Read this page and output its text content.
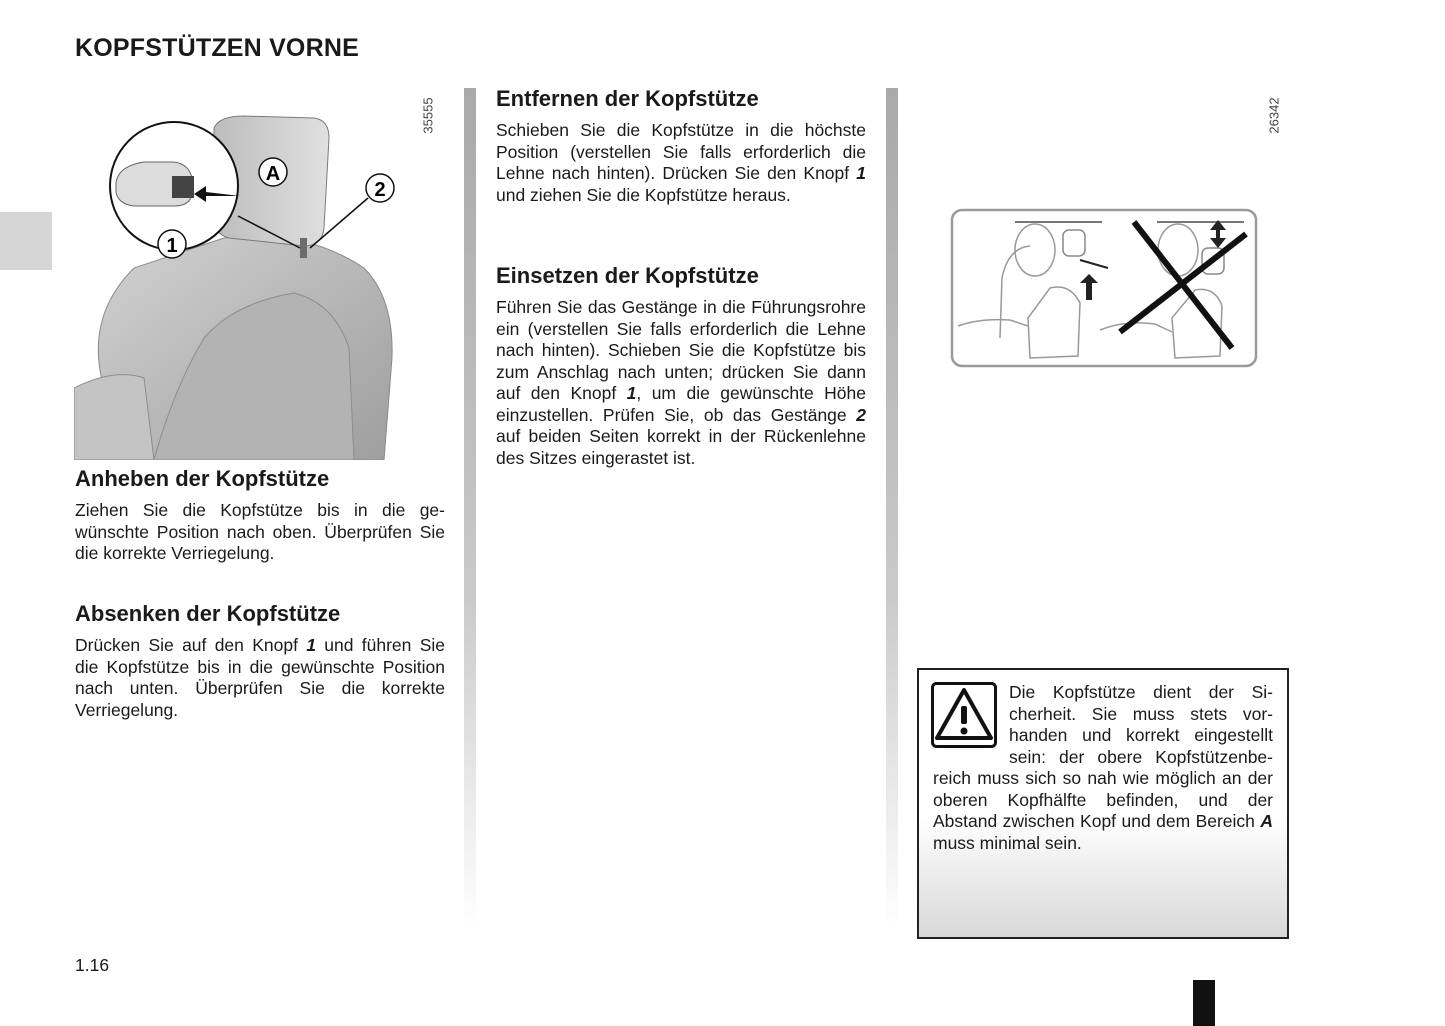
KOPFSTÜTZEN VORNE
A
1
2
35555
Anheben der Kopfstütze

Ziehen Sie die Kopfstütze bis in die gewünschte Position nach oben. Überprüfen Sie die korrekte Verriegelung.

Absenken der Kopfstütze

Drücken Sie auf den Knopf 1 und führen Sie die Kopfstütze bis in die gewünschte Position nach unten. Überprüfen Sie die korrekte Verriegelung.

Entfernen der Kopfstütze

Schieben Sie die Kopfstütze in die höchste Position (verstellen Sie falls erforderlich die Lehne nach hinten). Drücken Sie den Knopf 1 und ziehen Sie die Kopfstütze heraus.

Einsetzen der Kopfstütze

Führen Sie das Gestänge in die Führungsrohre ein (verstellen Sie falls erforderlich die Lehne nach hinten). Schieben Sie die Kopfstütze bis zum Anschlag nach unten; drücken Sie dann auf den Knopf 1, um die gewünschte Höhe einzustellen. Prüfen Sie, ob das Gestänge 2 auf beiden Seiten korrekt in der Rückenlehne des Sitzes eingerastet ist.

26342

Die Kopfstütze dient der Sicherheit. Sie muss stets vorhanden und korrekt eingestellt sein: der obere Kopfstützenbereich muss sich so nah wie möglich an der oberen Kopfhälfte befinden, und der Abstand zwischen Kopf und dem Bereich A muss minimal sein.

1.16
